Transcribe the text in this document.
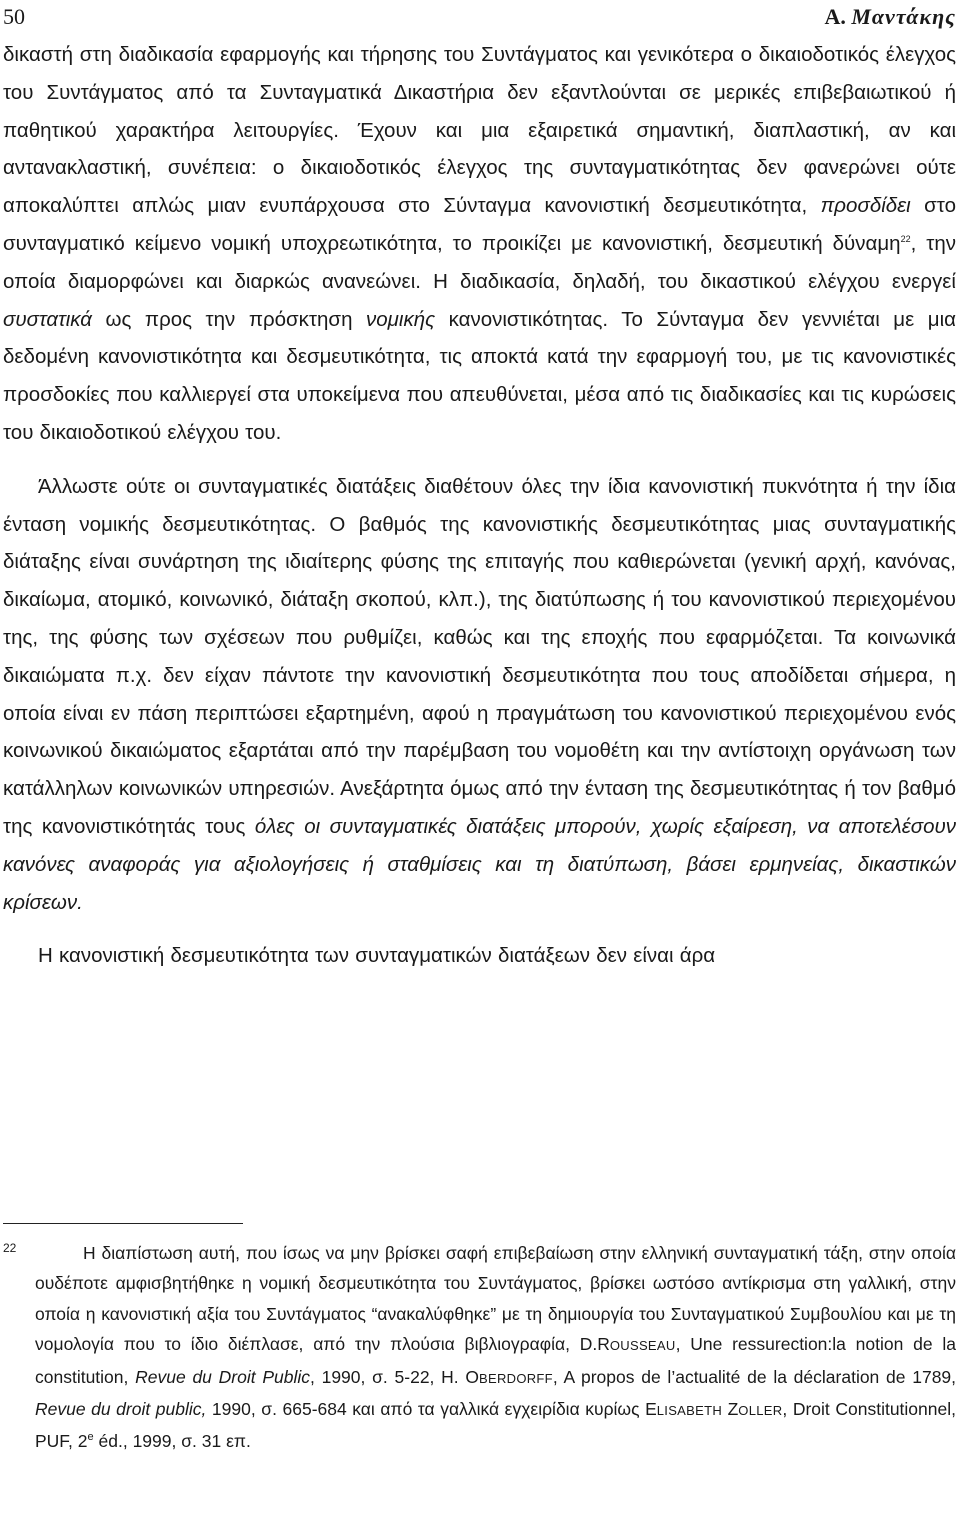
50	Α. Μαντάκης

δικαστή στη διαδικασία εφαρμογής και τήρησης του Συντάγματος και γενικότερα ο δικαιοδοτικός έλεγχος του Συντάγματος από τα Συνταγματικά Δικαστήρια δεν εξαντλούνται σε μερικές επιβεβαιωτικού ή παθητικού χαρακτήρα λειτουργίες. Έχουν και μια εξαιρετικά σημαντική, διαπλαστική, αν και αντανακλαστική, συνέπεια: ο δικαιοδοτικός έλεγχος της συνταγματικότητας δεν φανερώνει ούτε αποκαλύπτει απλώς μιαν ενυπάρχουσα στο Σύνταγμα κανονιστική δεσμευτικότητα, προσδίδει στο συνταγματικό κείμενο νομική υποχρεωτικότητα, το προικίζει με κανονιστική, δεσμευτική δύναμη$^{22}$, την οποία διαμορφώνει και διαρκώς ανανεώνει. Η διαδικασία, δηλαδή, του δικαστικού ελέγχου ενεργεί συστατικά ως προς την πρόσκτηση νομικής κανονιστικότητας. Το Σύνταγμα δεν γεννιέται με μια δεδομένη κανονιστικότητα και δεσμευτικότητα, τις αποκτά κατά την εφαρμογή του, με τις κανονιστικές προσδοκίες που καλλιεργεί στα υποκείμενα που απευθύνεται, μέσα από τις διαδικασίες και τις κυρώσεις του δικαιοδοτικού ελέγχου του.

Άλλωστε ούτε οι συνταγματικές διατάξεις διαθέτουν όλες την ίδια κανονιστική πυκνότητα ή την ίδια ένταση νομικής δεσμευτικότητας. Ο βαθμός της κανονιστικής δεσμευτικότητας μιας συνταγματικής διάταξης είναι συνάρτηση της ιδιαίτερης φύσης της επιταγής που καθιερώνεται (γενική αρχή, κανόνας, δικαίωμα, ατομικό, κοινωνικό, διάταξη σκοπού, κλπ.), της διατύπωσης ή του κανονιστικού περιεχομένου της, της φύσης των σχέσεων που ρυθμίζει, καθώς και της εποχής που εφαρμόζεται. Τα κοινωνικά δικαιώματα π.χ. δεν είχαν πάντοτε την κανονιστική δεσμευτικότητα που τους αποδίδεται σήμερα, η οποία είναι εν πάση περιπτώσει εξαρτημένη, αφού η πραγμάτωση του κανονιστικού περιεχομένου ενός κοινωνικού δικαιώματος εξαρτάται από την παρέμβαση του νομοθέτη και την αντίστοιχη οργάνωση των κατάλληλων κοινωνικών υπηρεσιών. Ανεξάρτητα όμως από την ένταση της δεσμευτικότητας ή τον βαθμό της κανονιστικότητάς τους όλες οι συνταγματικές διατάξεις μπορούν, χωρίς εξαίρεση, να αποτελέσουν κανόνες αναφοράς για αξιολογήσεις ή σταθμίσεις και τη διατύπωση, βάσει ερμηνείας, δικαστικών κρίσεων.

Η κανονιστική δεσμευτικότητα των συνταγματικών διατάξεων δεν είναι άρα

22	Η διαπίστωση αυτή, που ίσως να μην βρίσκει σαφή επιβεβαίωση στην ελληνική συνταγματική τάξη, στην οποία ουδέποτε αμφισβητήθηκε η νομική δεσμευτικότητα του Συντάγματος, βρίσκει ωστόσο αντίκρισμα στη γαλλική, στην οποία η κανονιστική αξία του Συντάγματος “ανακαλύφθηκε” με τη δημιουργία του Συνταγματικού Συμβουλίου και με τη νομολογία που το ίδιο διέπλασε, από την πλούσια βιβλιογραφία, D.ROUSSEAU, Une ressurection:la notion de la constitution, Revue du Droit Public, 1990, σ. 5-22, H. OBERDORFF, A propos de l’actualité de la déclaration de 1789, Revue du droit public, 1990, σ. 665-684 και από τα γαλλικά εγχειρίδια κυρίως ELISABETH ZOLLER, Droit Constitutionnel, PUF, 2e éd., 1999, σ. 31 επ.
